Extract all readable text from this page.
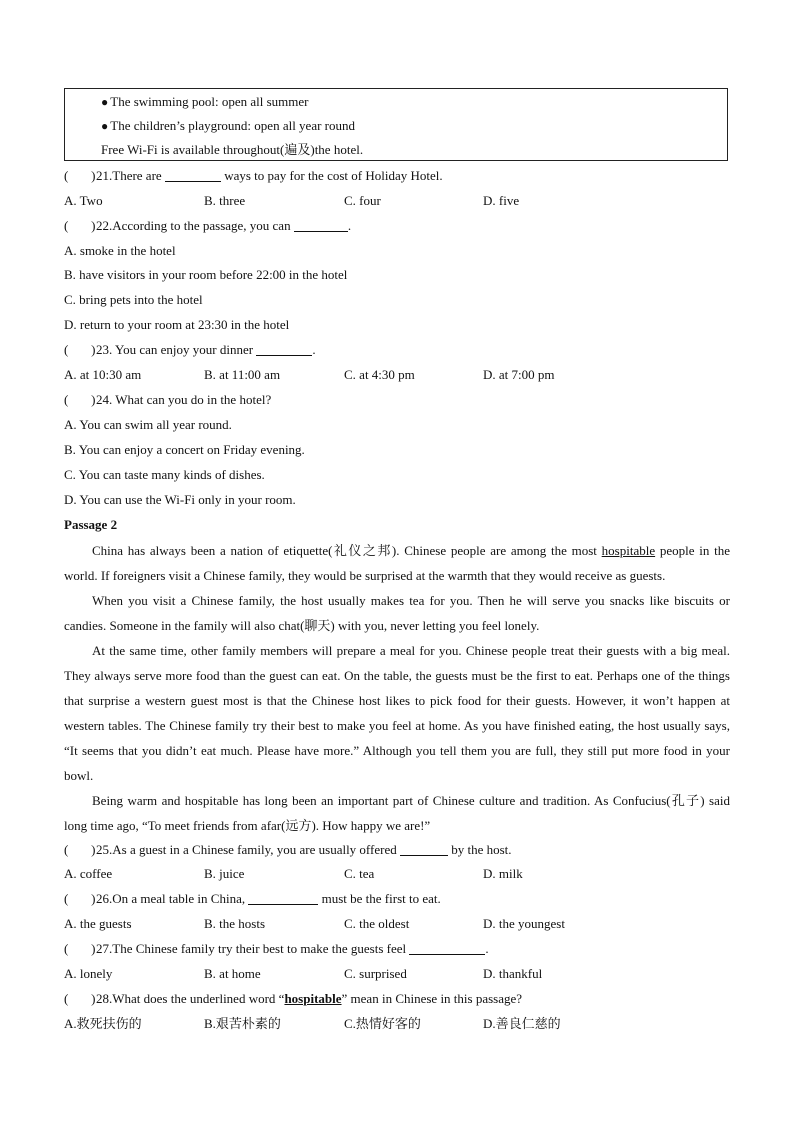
● The swimming pool: open all summer
● The children’s playground: open all year round
Free Wi-Fi is available throughout(遍及)the hotel.
(       )21.There are	ways to pay for the cost of Holiday Hotel.
A. Two	B. three	C. four	D. five
(       )22.According to the passage, you can	.
A. smoke in the hotel
B. have visitors in your room before 22:00 in the hotel
C. bring pets into the hotel
D. return to your room at 23:30 in the hotel
(       )23. You can enjoy your dinner	.
A. at 10:30 am	B. at 11:00 am	C. at 4:30 pm	D. at 7:00 pm
(       )24. What can you do in the hotel?
A. You can swim all year round.
B. You can enjoy a concert on Friday evening.
C. You can taste many kinds of dishes.
D. You can use the Wi-Fi only in your room.
Passage 2
China has always been a nation of etiquette(礼仪之邦). Chinese people are among the most hospitable people in the world. If foreigners visit a Chinese family, they would be surprised at the warmth that they would receive as guests.
When you visit a Chinese family, the host usually makes tea for you. Then he will serve you snacks like biscuits or candies. Someone in the family will also chat(聊天) with you, never letting you feel lonely.
At the same time, other family members will prepare a meal for you. Chinese people treat their guests with a big meal. They always serve more food than the guest can eat. On the table, the guests must be the first to eat. Perhaps one of the things that surprise a western guest most is that the Chinese host likes to pick food for their guests. However, it won’t happen at western tables. The Chinese family try their best to make you feel at home. As you have finished eating, the host usually says, “It seems that you didn’t eat much. Please have more.” Although you tell them you are full, they still put more food in your bowl.
Being warm and hospitable has long been an important part of Chinese culture and tradition. As Confucius(孔子) said long time ago, “To meet friends from afar(远方). How happy we are!”
(       )25.As a guest in a Chinese family, you are usually offered	by the host.
A. coffee	B. juice	C. tea	D. milk
(       )26.On a meal table in China,	must be the first to eat.
A. the guests	B. the hosts	C. the oldest	D. the youngest
(       )27.The Chinese family try their best to make the guests feel	.
A. lonely	B. at home	C. surprised	D. thankful
(       )28.What does the underlined word “hospitable” mean in Chinese in this passage?
A.救死扶伤的	B.艰苦朴素的	C.热情好客的	D.善良仁慈的
